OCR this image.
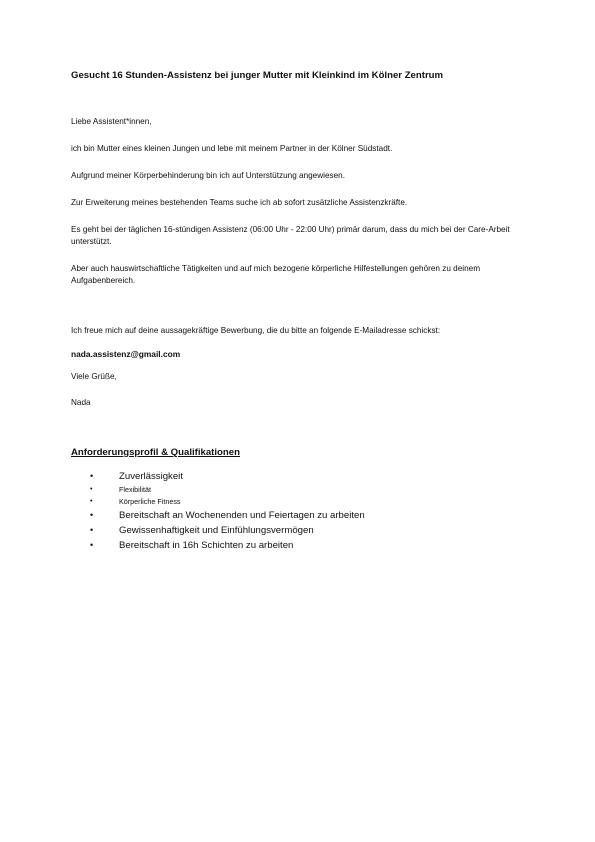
Gesucht 16 Stunden-Assistenz bei junger Mutter mit Kleinkind im Kölner Zentrum

Liebe Assistent*innen,

ich bin Mutter eines kleinen Jungen und lebe mit meinem Partner in der Kölner Südstadt.

Aufgrund meiner Körperbehinderung bin ich auf Unterstützung angewiesen.

Zur Erweiterung meines bestehenden Teams suche ich ab sofort zusätzliche Assistenzkräfte.

Es geht bei der täglichen 16-stündigen Assistenz (06:00 Uhr - 22:00 Uhr) primär darum, dass du mich bei der Care-Arbeit unterstützt.

Aber auch hauswirtschaftliche Tätigkeiten und auf mich bezogene körperliche Hilfestellungen gehören zu deinem Aufgabenbereich.

Ich freue mich auf deine aussagekräftige Bewerbung, die du bitte an folgende E-Mailadresse schickst:

nada.assistenz@gmail.com

Viele Grüße,

Nada

Anforderungsprofil & Qualifikationen
•	Zuverlässigkeit
•	Flexibilität
•	Körperliche Fitness
•	Bereitschaft an Wochenenden und Feiertagen zu arbeiten
•	Gewissenhaftigkeit und Einfühlungsvermögen
•	Bereitschaft in 16h Schichten zu arbeiten
